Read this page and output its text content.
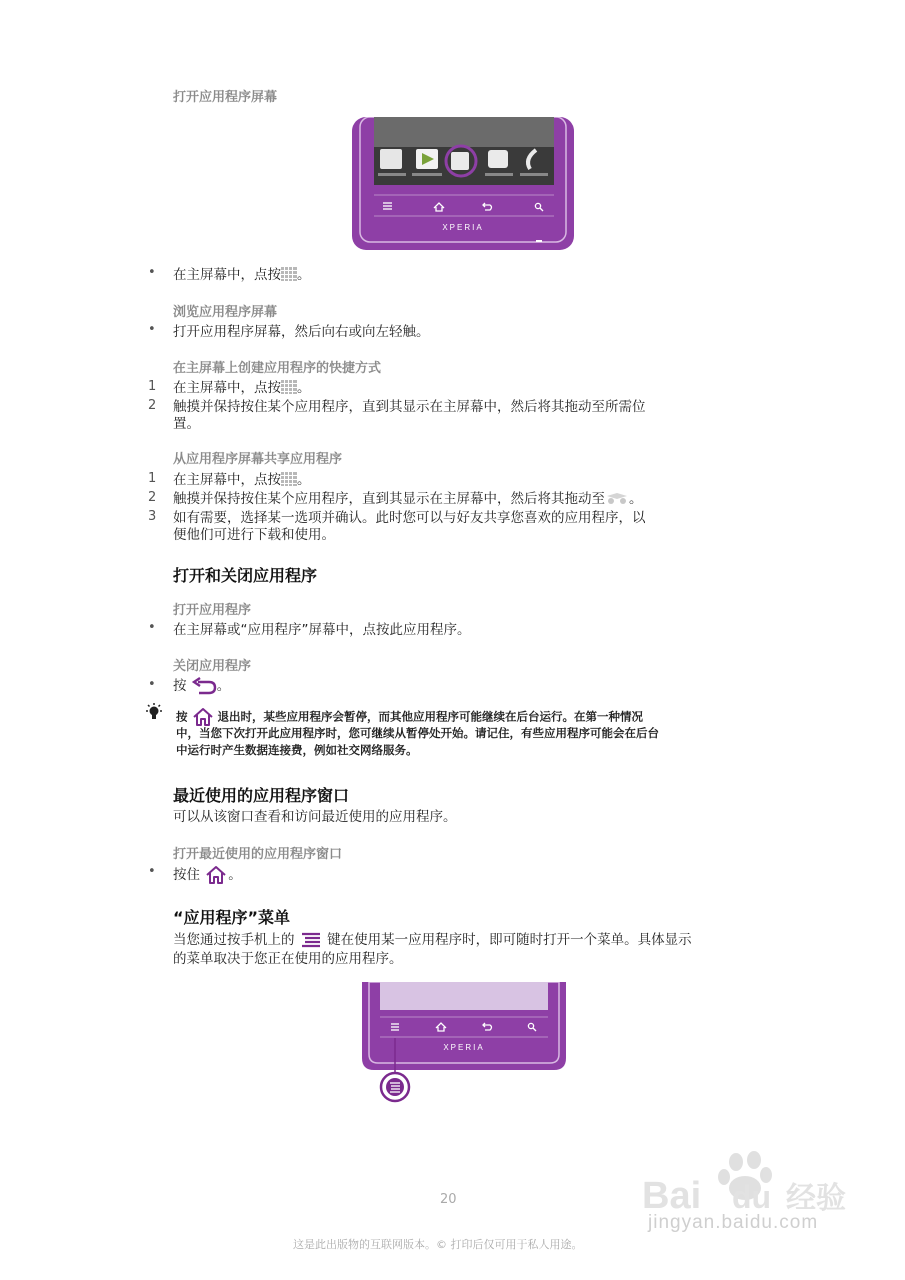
打开应用程序屏幕
XPERIA
• 在主屏幕中，点按 。
浏览应用程序屏幕
• 打开应用程序屏幕，然后向右或向左轻触。
在主屏幕上创建应用程序的快捷方式
1 在主屏幕中，点按 。
2 触摸并保持按住某个应用程序，直到其显示在主屏幕中，然后将其拖动至所需位
置。
从应用程序屏幕共享应用程序
1 在主屏幕中，点按 。
2 触摸并保持按住某个应用程序，直到其显示在主屏幕中，然后将其拖动至 。
3 如有需要，选择某一选项并确认。此时您可以与好友共享您喜欢的应用程序，以
便他们可进行下载和使用。
打开和关闭应用程序
打开应用程序
• 在主屏幕或“应用程序”屏幕中，点按此应用程序。
关闭应用程序
• 按 。
按	退出时，某些应用程序会暂停，而其他应用程序可能继续在后台运行。在第一种情况
中，当您下次打开此应用程序时，您可继续从暂停处开始。请记住，有些应用程序可能会在后台
中运行时产生数据连接费，例如社交网络服务。
最近使用的应用程序窗口
可以从该窗口查看和访问最近使用的应用程序。
打开最近使用的应用程序窗口
• 按住 。
“应用程序”菜单
当您通过按手机上的 键在使用某一应用程序时，即可随时打开一个菜单。具体显示
的菜单取决于您正在使用的应用程序。
XPERIA
20
这是此出版物的互联网版本。© 打印后仅可用于私人用途。
Bai du 经验
jingyan.baidu.com
